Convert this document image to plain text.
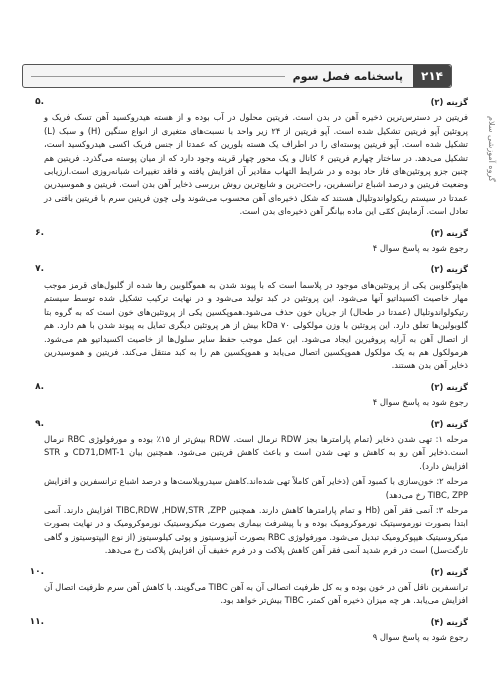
۲۱۴
پاسخنامه فصل سوم
گروه آموزشی سلام

گزینه (۲)

فریتین در دسترس‌ترین ذخیره آهن در بدن است. فریتین محلول در آب بوده و از هسته هیدروکسید آهن تسک فریک و پروتئین آپو فریتین تشکیل شده است. آپو فریتین از ۲۴ زیر واحد با نسبت‌های متغیری از انواع سنگین (H) و سبک (L) تشکیل شده است. آپو فریتین پوسته‌ای را در اطراف یک هسته بلورین که عمدتا از جنس فریک اکسی هیدروکسید است، تشکیل می‌دهد. در ساختار چهارم فریتین ۶ کانال و یک محور چهار قرینه وجود دارد که از میان پوسته می‌گذرد. فریتین هم چنین جزو پروتئین‌های فاز حاد بوده و در شرایط التهاب مقادیر آن افزایش یافته و فاقد تغییرات شبانه‌روزی است.ارزیابی وضعیت فریتین و درصد اشباع ترانسفرین، راحت‌ترین و شایع‌ترین روش بررسی ذخایر آهن بدن است. فریتین و هموسیدرین عمدتا در سیستم ریکولواندوتلیال هستند که شکل ذخیره‌ای آهن محسوب می‌شوند ولی چون فریتین سرم با فریتین بافتی در تعادل است. آزمایش کمّی این ماده بیانگر آهن ذخیره‌ای بدن است.

.۵

گزینه (۳)

رجوع شود به پاسخ سوال ۴

.۶

گزینه (۲)

هاپتوگلوبین یکی از پروتئین‌های موجود در پلاسما است که با پیوند شدن به هموگلوبین رها شده از گلبول‌های قرمز موجب مهار خاصیت اکسیداتیو آنها می‌شود. این پروتئین در کبد تولید می‌شود و در نهایت ترکیب تشکیل شده توسط سیستم رتیکولواندوتلیال (عمدتا در طحال) از جریان خون حذف می‌شود.هموپکسین یکی از پروتئین‌های خون است که به گروه بتا گلوبولین‌ها تعلق دارد. این پروتئین با وزن مولکولی kDa ۷۰ بیش از هر پروتئین دیگری تمایل به پیوند شدن با هم دارد. هم از اتصال آهن به آرایه پروفیرین ایجاد می‌شود. این عمل موجب حفظ سایر سلول‌ها از خاصیت اکسیداتیو هم می‌شود. هرمولکول هم به یک مولکول هموپکسین اتصال می‌یابد و هموپکسین هم را به کبد منتقل می‌کند. فریتین و همو‌سیدرین ذخایر آهن بدن هستند.

.۷

گزینه (۲)

رجوع شود به پاسخ سوال ۴

.۸

گزینه (۳)

مرحله ۱: تهی شدن ذخایر (تمام پارامترها بجز RDW نرمال است. RDW بیش‌تر از ۱۵٪ بوده و مورفولوژی RBC نرمال است.ذخایر آهن رو به کاهش و تهی شدن است و باعث کاهش فریتین می‌شود. همچنین بیان CD71,DMT-1 و STR افزایش دارد).

مرحله ۲: خون‌سازی با کمبود آهن (ذخایر آهن کاملاً تهی شده‌اند.کاهش سیدروبلاست‌ها و درصد اشباع ترانسفرین و افزایش TIBC, ZPP رخ می‌دهد)

مرحله ۳: آنمی فقر آهن (Hb و تمام پارامترها کاهش دارند. همچنین TIBC,RDW ,HDW,STR ,ZPP افزایش دارند. آنمی ابتدا بصورت نورموسیتیک نورموکرومیک بوده و با پیشرفت بیماری بصورت میکروسیتیک نورموکرومیک و در نهایت بصورت میکروسیتیک هیپوکرومیک تبدیل می‌شود. مورفولوژی RBC بصورت آنیزوسیتوز و پوئی کیلوسیتوز (از نوع الیپتوسیتوز و گاهی تارگت‌سل) است در فرم شدید آنمی فقر آهن کاهش پلاکت و در فرم خفیف آن افزایش پلاکت رخ می‌دهد.

.۹

گزینه (۲)

ترانسفرین ناقل آهن در خون بوده و به کل ظرفیت اتصالی آن به آهن TIBC می‌گویند. با کاهش آهن سرم ظرفیت اتصال آن افزایش می‌یابد. هر چه میزان ذخیره آهن کمتر، TIBC بیش‌تر خواهد بود.

.۱۰

گزینه (۴)

رجوع شود به پاسخ سوال ۹

.۱۱
